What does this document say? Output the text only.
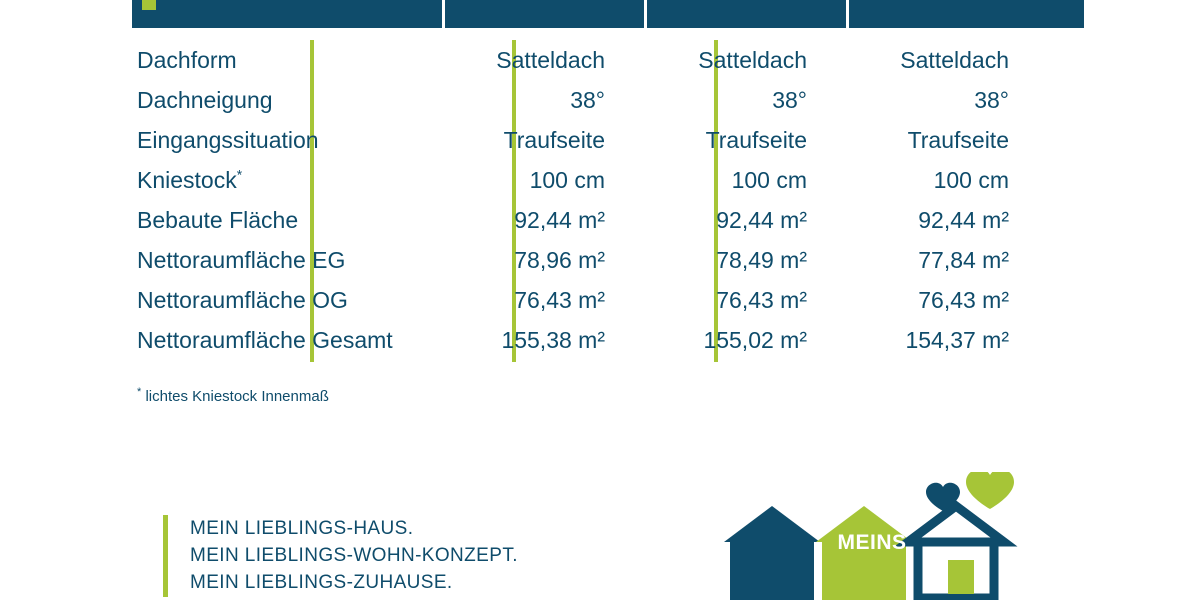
Dachform	Satteldach	Satteldach	Satteldach
Dachneigung	38°	38°	38°
Eingangssituation	Traufseite	Traufseite	Traufseite
Kniestock*	100 cm	100 cm	100 cm
Bebaute Fläche	92,44 m²	92,44 m²	92,44 m²
Nettoraumfläche EG	78,96 m²	78,49 m²	77,84 m²
Nettoraumfläche OG	76,43 m²	76,43 m²	76,43 m²
Nettoraumfläche Gesamt	155,38 m²	155,02 m²	154,37 m²
* lichtes Kniestock Innenmaß
MEIN LIEBLINGS-HAUS.
MEIN LIEBLINGS-WOHN-KONZEPT.
MEIN LIEBLINGS-ZUHAUSE.
MEINS
